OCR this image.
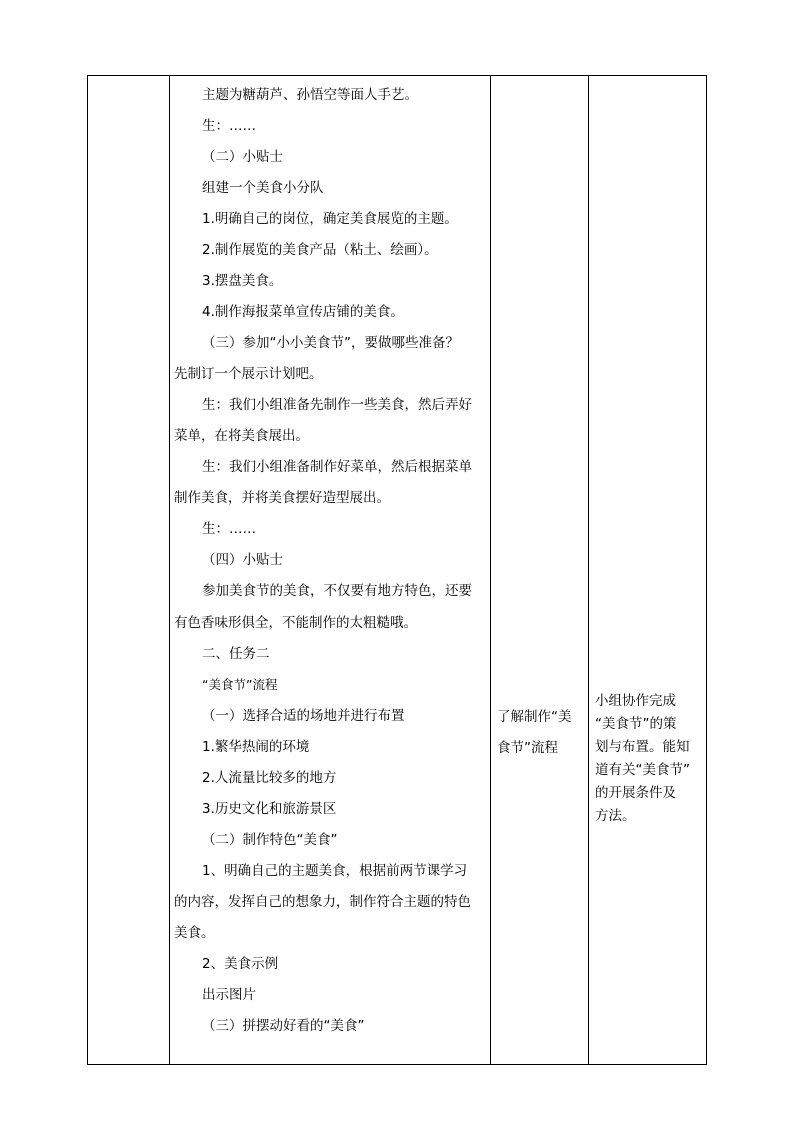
主题为糖葫芦、孙悟空等面人手艺。
生：……
（二）小贴士
组建一个美食小分队
1.明确自己的岗位，确定美食展览的主题。
2.制作展览的美食产品（粘土、绘画）。
3.摆盘美食。
4.制作海报菜单宣传店铺的美食。
（三）参加“小小美食节”，要做哪些准备？
先制订一个展示计划吧。
生：我们小组准备先制作一些美食，然后弄好
菜单，在将美食展出。
生：我们小组准备制作好菜单，然后根据菜单
制作美食，并将美食摆好造型展出。
生：……
（四）小贴士
参加美食节的美食，不仅要有地方特色，还要
有色香味形俱全，不能制作的太粗糙哦。
二、任务二
“美食节”流程
（一）选择合适的场地并进行布置
1.繁华热闹的环境
2.人流量比较多的地方
3.历史文化和旅游景区
（二）制作特色“美食”
1、明确自己的主题美食，根据前两节课学习
的内容，发挥自己的想象力，制作符合主题的特色
美食。
2、美食示例
出示图片
（三）拼摆动好看的“美食”
了解制作“美
食节”流程
小组协作完成
“美食节”的策
划与布置。能知
道有关“美食节”
的开展条件及
方法。
